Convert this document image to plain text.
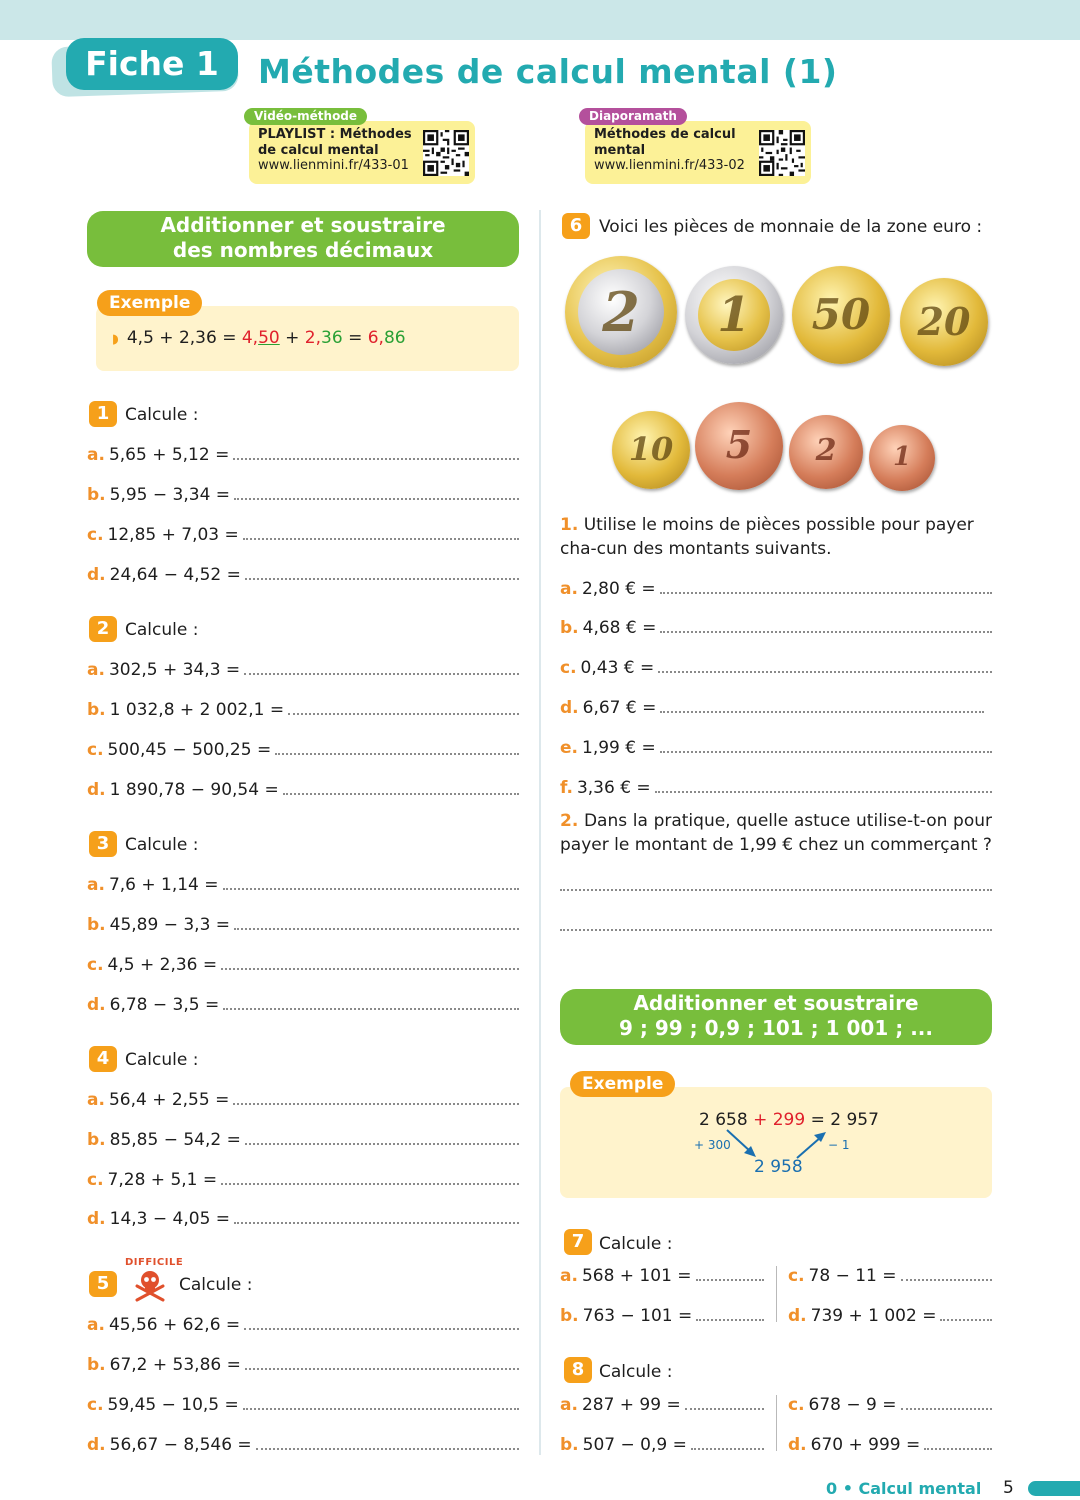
Fiche 1	Méthodes de calcul mental (1)
Vidéo-méthode
PLAYLIST : Méthodes
de calcul mental
www.lienmini.fr/433-01
Diaporamath
Méthodes de calcul
mental
www.lienmini.fr/433-02
Additionner et soustraire
des nombres décimaux
Exemple
◗ 4,5 + 2,36 = 4,50 + 2,36 = 6,86
1 Calcule :
a. 5,65 + 5,12 =
b. 5,95 − 3,34 =
c. 12,85 + 7,03 =
d. 24,64 − 4,52 =
2 Calcule :
a. 302,5 + 34,3 =
b. 1 032,8 + 2 002,1 =
c. 500,45 − 500,25 =
d. 1 890,78 − 90,54 =
3 Calcule :
a. 7,6 + 1,14 =
b. 45,89 − 3,3 =
c. 4,5 + 2,36 =
d. 6,78 − 3,5 =
4 Calcule :
a. 56,4 + 2,55 =
b. 85,85 − 54,2 =
c. 7,28 + 5,1 =
d. 14,3 − 4,05 =
DIFFICILE
5	Calcule :
a. 45,56 + 62,6 =
b. 67,2 + 53,86 =
c. 59,45 − 10,5 =
d. 56,67 − 8,546 =
6 Voici les pièces de monnaie de la zone euro :
2	1	50	20
10	5	2	1
1. Utilise le moins de pièces possible pour payer cha-cun des montants suivants.
a. 2,80 € =
b. 4,68 € =
c. 0,43 € =
d. 6,67 € =
e. 1,99 € =
f. 3,36 € =
2. Dans la pratique, quelle astuce utilise-t-on pour payer le montant de 1,99 € chez un commerçant ?
Additionner et soustraire
9 ; 99 ; 0,9 ; 101 ; 1 001 ; ...
Exemple
2 658 + 299 = 2 957
+ 300	− 1
2 958
7 Calcule :
a. 568 + 101 =
b. 763 − 101 =
c. 78 − 11 =
d. 739 + 1 002 =
8 Calcule :
a. 287 + 99 =
b. 507 − 0,9 =
c. 678 − 9 =
d. 670 + 999 =
0 • Calcul mental 5
